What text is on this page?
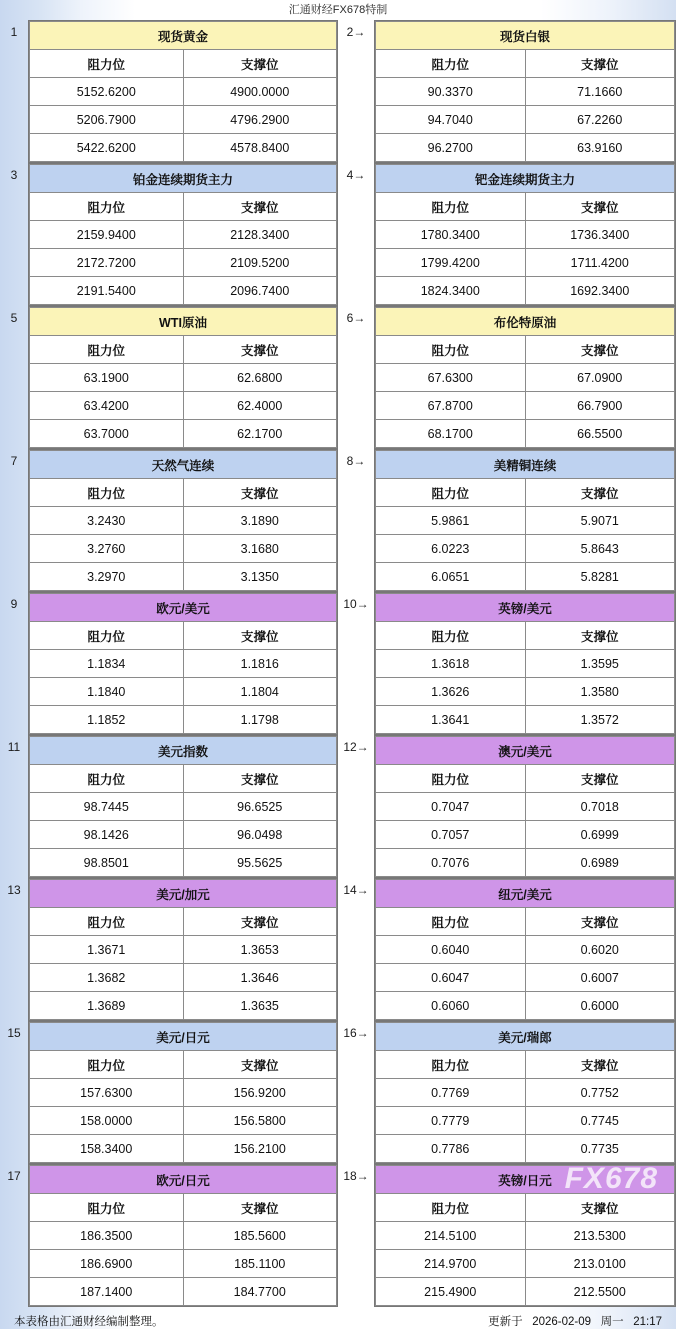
汇通财经FX678特制
1	现货黄金	
阻力位	支撑位
5152.6200	4900.0000
5206.7900	4796.2900
5422.6200	4578.8400
2→	现货白银	
阻力位	支撑位
90.3370	71.1660
94.7040	67.2260
96.2700	63.9160
3	铂金连续期货主力	
阻力位	支撑位
2159.9400	2128.3400
2172.7200	2109.5200
2191.5400	2096.7400
4→	钯金连续期货主力	
阻力位	支撑位
1780.3400	1736.3400
1799.4200	1711.4200
1824.3400	1692.3400
5	WTI原油	
阻力位	支撑位
63.1900	62.6800
63.4200	62.4000
63.7000	62.1700
6→	布伦特原油	
阻力位	支撑位
67.6300	67.0900
67.8700	66.7900
68.1700	66.5500
7	天然气连续	
阻力位	支撑位
3.2430	3.1890
3.2760	3.1680
3.2970	3.1350
8→	美精铜连续	
阻力位	支撑位
5.9861	5.9071
6.0223	5.8643
6.0651	5.8281
9	欧元/美元	
阻力位	支撑位
1.1834	1.1816
1.1840	1.1804
1.1852	1.1798
10→	英镑/美元	
阻力位	支撑位
1.3618	1.3595
1.3626	1.3580
1.3641	1.3572
11	美元指数	
阻力位	支撑位
98.7445	96.6525
98.1426	96.0498
98.8501	95.5625
12→	澳元/美元	
阻力位	支撑位
0.7047	0.7018
0.7057	0.6999
0.7076	0.6989
13	美元/加元	
阻力位	支撑位
1.3671	1.3653
1.3682	1.3646
1.3689	1.3635
14→	纽元/美元	
阻力位	支撑位
0.6040	0.6020
0.6047	0.6007
0.6060	0.6000
15	美元/日元	
阻力位	支撑位
157.6300	156.9200
158.0000	156.5800
158.3400	156.2100
16→	美元/瑞郎	
阻力位	支撑位
0.7769	0.7752
0.7779	0.7745
0.7786	0.7735
17	欧元/日元	
阻力位	支撑位
186.3500	185.5600
186.6900	185.1100
187.1400	184.7700
18→	英镑/日元	
阻力位	支撑位
214.5100	213.5300
214.9700	213.0100
215.4900	212.5500
本表格由汇通财经编制整理。	更新于 2026-02-09 周一 21:17
FX678
